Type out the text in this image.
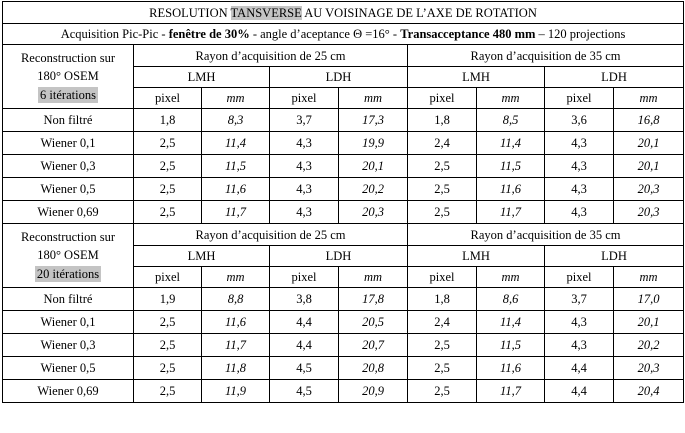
RESOLUTION TANSVERSE AU VOISINAGE DE L’AXE DE ROTATION								
Acquisition Pic-Pic - fenêtre de 30% - angle d’aceptance Θ =16° - Transacceptance 480 mm – 120 projections								

Reconstruction sur
180° OSEM
6 itérations	Rayon d’acquisition de 25 cm				Rayon d’acquisition de 35 cm			
	LMH		LDH		LMH		LDH	
	pixel	mm	pixel	mm	pixel	mm	pixel	mm
Non filtré	1,8	8,3	3,7	17,3	1,8	8,5	3,6	16,8
Wiener 0,1	2,5	11,4	4,3	19,9	2,4	11,4	4,3	20,1
Wiener 0,3	2,5	11,5	4,3	20,1	2,5	11,5	4,3	20,1
Wiener 0,5	2,5	11,6	4,3	20,2	2,5	11,6	4,3	20,3
Wiener 0,69	2,5	11,7	4,3	20,3	2,5	11,7	4,3	20,3

Reconstruction sur
180° OSEM
20 itérations	Rayon d’acquisition de 25 cm				Rayon d’acquisition de 35 cm			
	LMH		LDH		LMH		LDH	
	pixel	mm	pixel	mm	pixel	mm	pixel	mm
Non filtré	1,9	8,8	3,8	17,8	1,8	8,6	3,7	17,0
Wiener 0,1	2,5	11,6	4,4	20,5	2,4	11,4	4,3	20,1
Wiener 0,3	2,5	11,7	4,4	20,7	2,5	11,5	4,3	20,2
Wiener 0,5	2,5	11,8	4,5	20,8	2,5	11,6	4,4	20,3
Wiener 0,69	2,5	11,9	4,5	20,9	2,5	11,7	4,4	20,4
